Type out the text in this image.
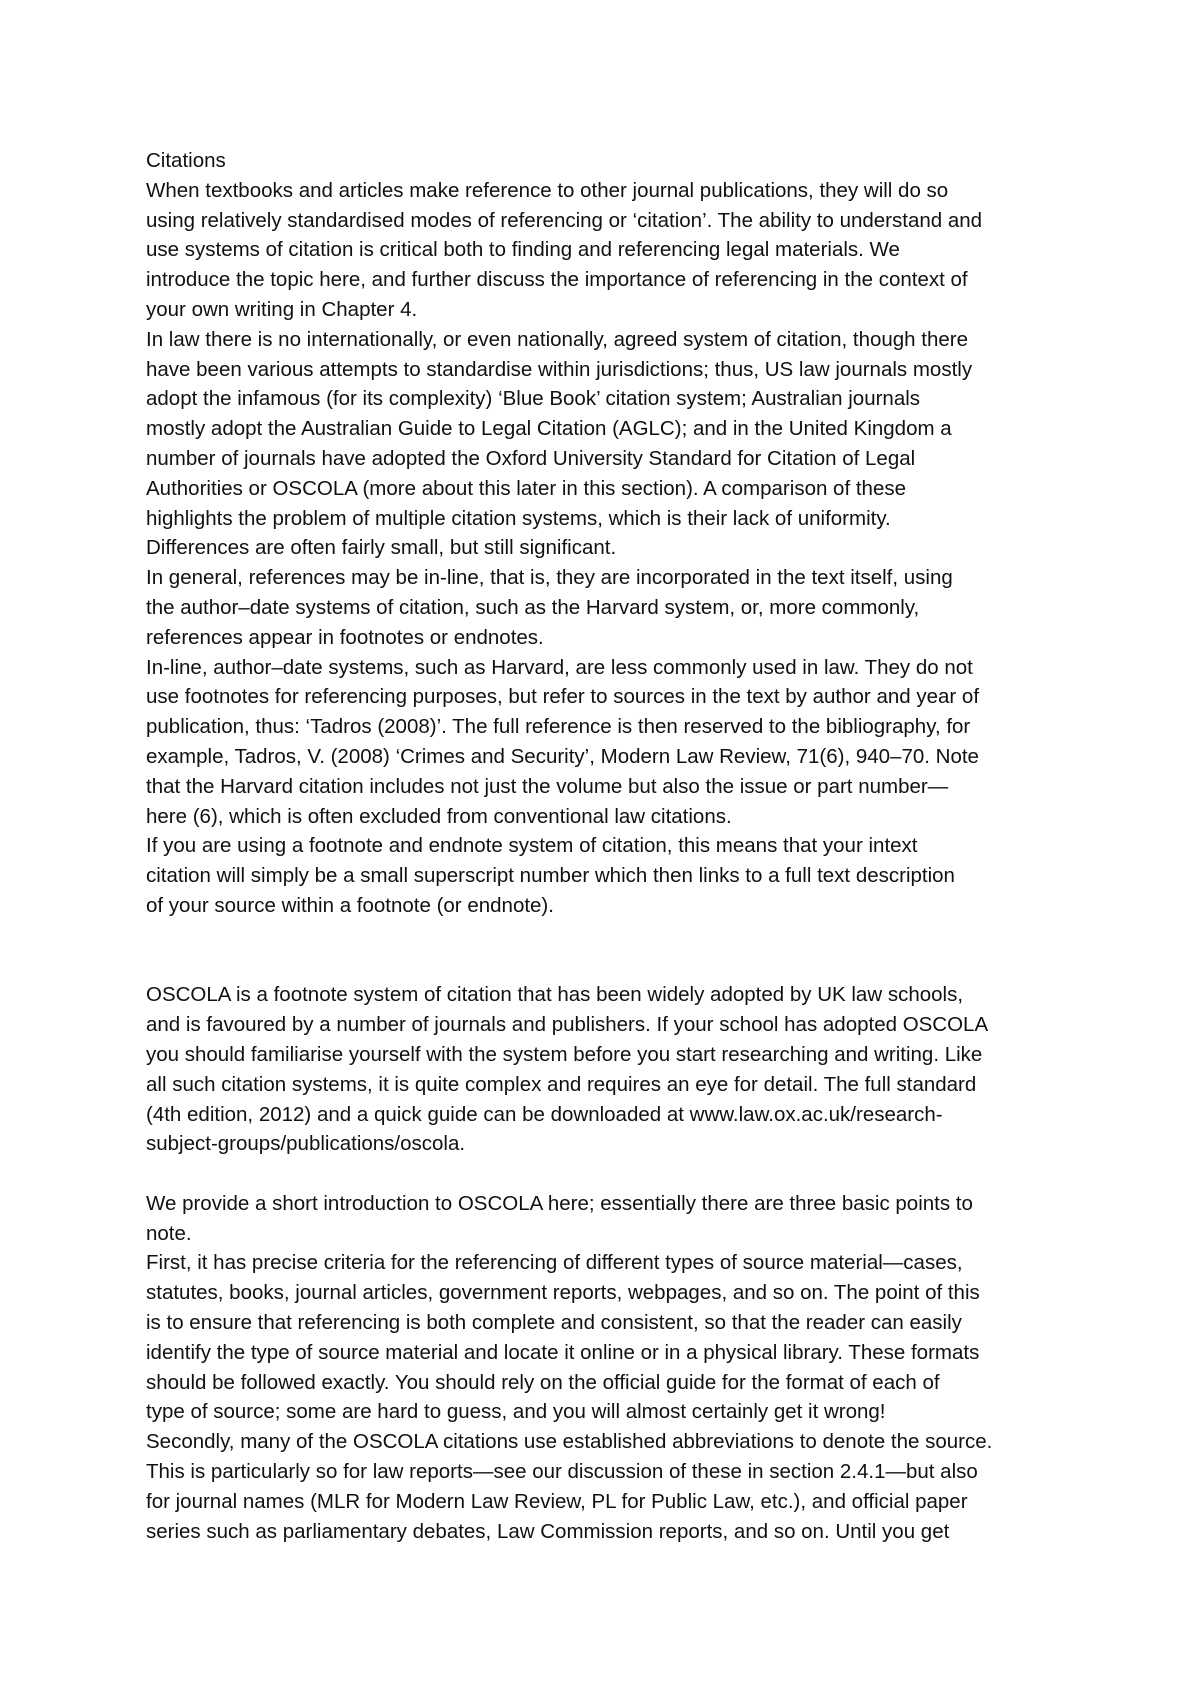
Citations
When textbooks and articles make reference to other journal publications, they will do so
using relatively standardised modes of referencing or ‘citation’. The ability to understand and
use systems of citation is critical both to finding and referencing legal materials. We
introduce the topic here, and further discuss the importance of referencing in the context of
your own writing in Chapter 4.
In law there is no internationally, or even nationally, agreed system of citation, though there
have been various attempts to standardise within jurisdictions; thus, US law journals mostly
adopt the infamous (for its complexity) ‘Blue Book’ citation system; Australian journals
mostly adopt the Australian Guide to Legal Citation (AGLC); and in the United Kingdom a
number of journals have adopted the Oxford University Standard for Citation of Legal
Authorities or OSCOLA (more about this later in this section). A comparison of these
highlights the problem of multiple citation systems, which is their lack of uniformity.
Differences are often fairly small, but still significant.
In general, references may be in-line, that is, they are incorporated in the text itself, using
the author–date systems of citation, such as the Harvard system, or, more commonly,
references appear in footnotes or endnotes.
In-line, author–date systems, such as Harvard, are less commonly used in law. They do not
use footnotes for referencing purposes, but refer to sources in the text by author and year of
publication, thus: ‘Tadros (2008)’. The full reference is then reserved to the bibliography, for
example, Tadros, V. (2008) ‘Crimes and Security’, Modern Law Review, 71(6), 940–70. Note
that the Harvard citation includes not just the volume but also the issue or part number—
here (6), which is often excluded from conventional law citations.
If you are using a footnote and endnote system of citation, this means that your intext
citation will simply be a small superscript number which then links to a full text description
of your source within a footnote (or endnote).
OSCOLA is a footnote system of citation that has been widely adopted by UK law schools,
and is favoured by a number of journals and publishers. If your school has adopted OSCOLA
you should familiarise yourself with the system before you start researching and writing. Like
all such citation systems, it is quite complex and requires an eye for detail. The full standard
(4th edition, 2012) and a quick guide can be downloaded at www.law.ox.ac.uk/research-
subject-groups/publications/oscola.
We provide a short introduction to OSCOLA here; essentially there are three basic points to
note.
First, it has precise criteria for the referencing of different types of source material—cases,
statutes, books, journal articles, government reports, webpages, and so on. The point of this
is to ensure that referencing is both complete and consistent, so that the reader can easily
identify the type of source material and locate it online or in a physical library. These formats
should be followed exactly. You should rely on the official guide for the format of each of
type of source; some are hard to guess, and you will almost certainly get it wrong!
Secondly, many of the OSCOLA citations use established abbreviations to denote the source.
This is particularly so for law reports—see our discussion of these in section 2.4.1—but also
for journal names (MLR for Modern Law Review, PL for Public Law, etc.), and official paper
series such as parliamentary debates, Law Commission reports, and so on. Until you get
